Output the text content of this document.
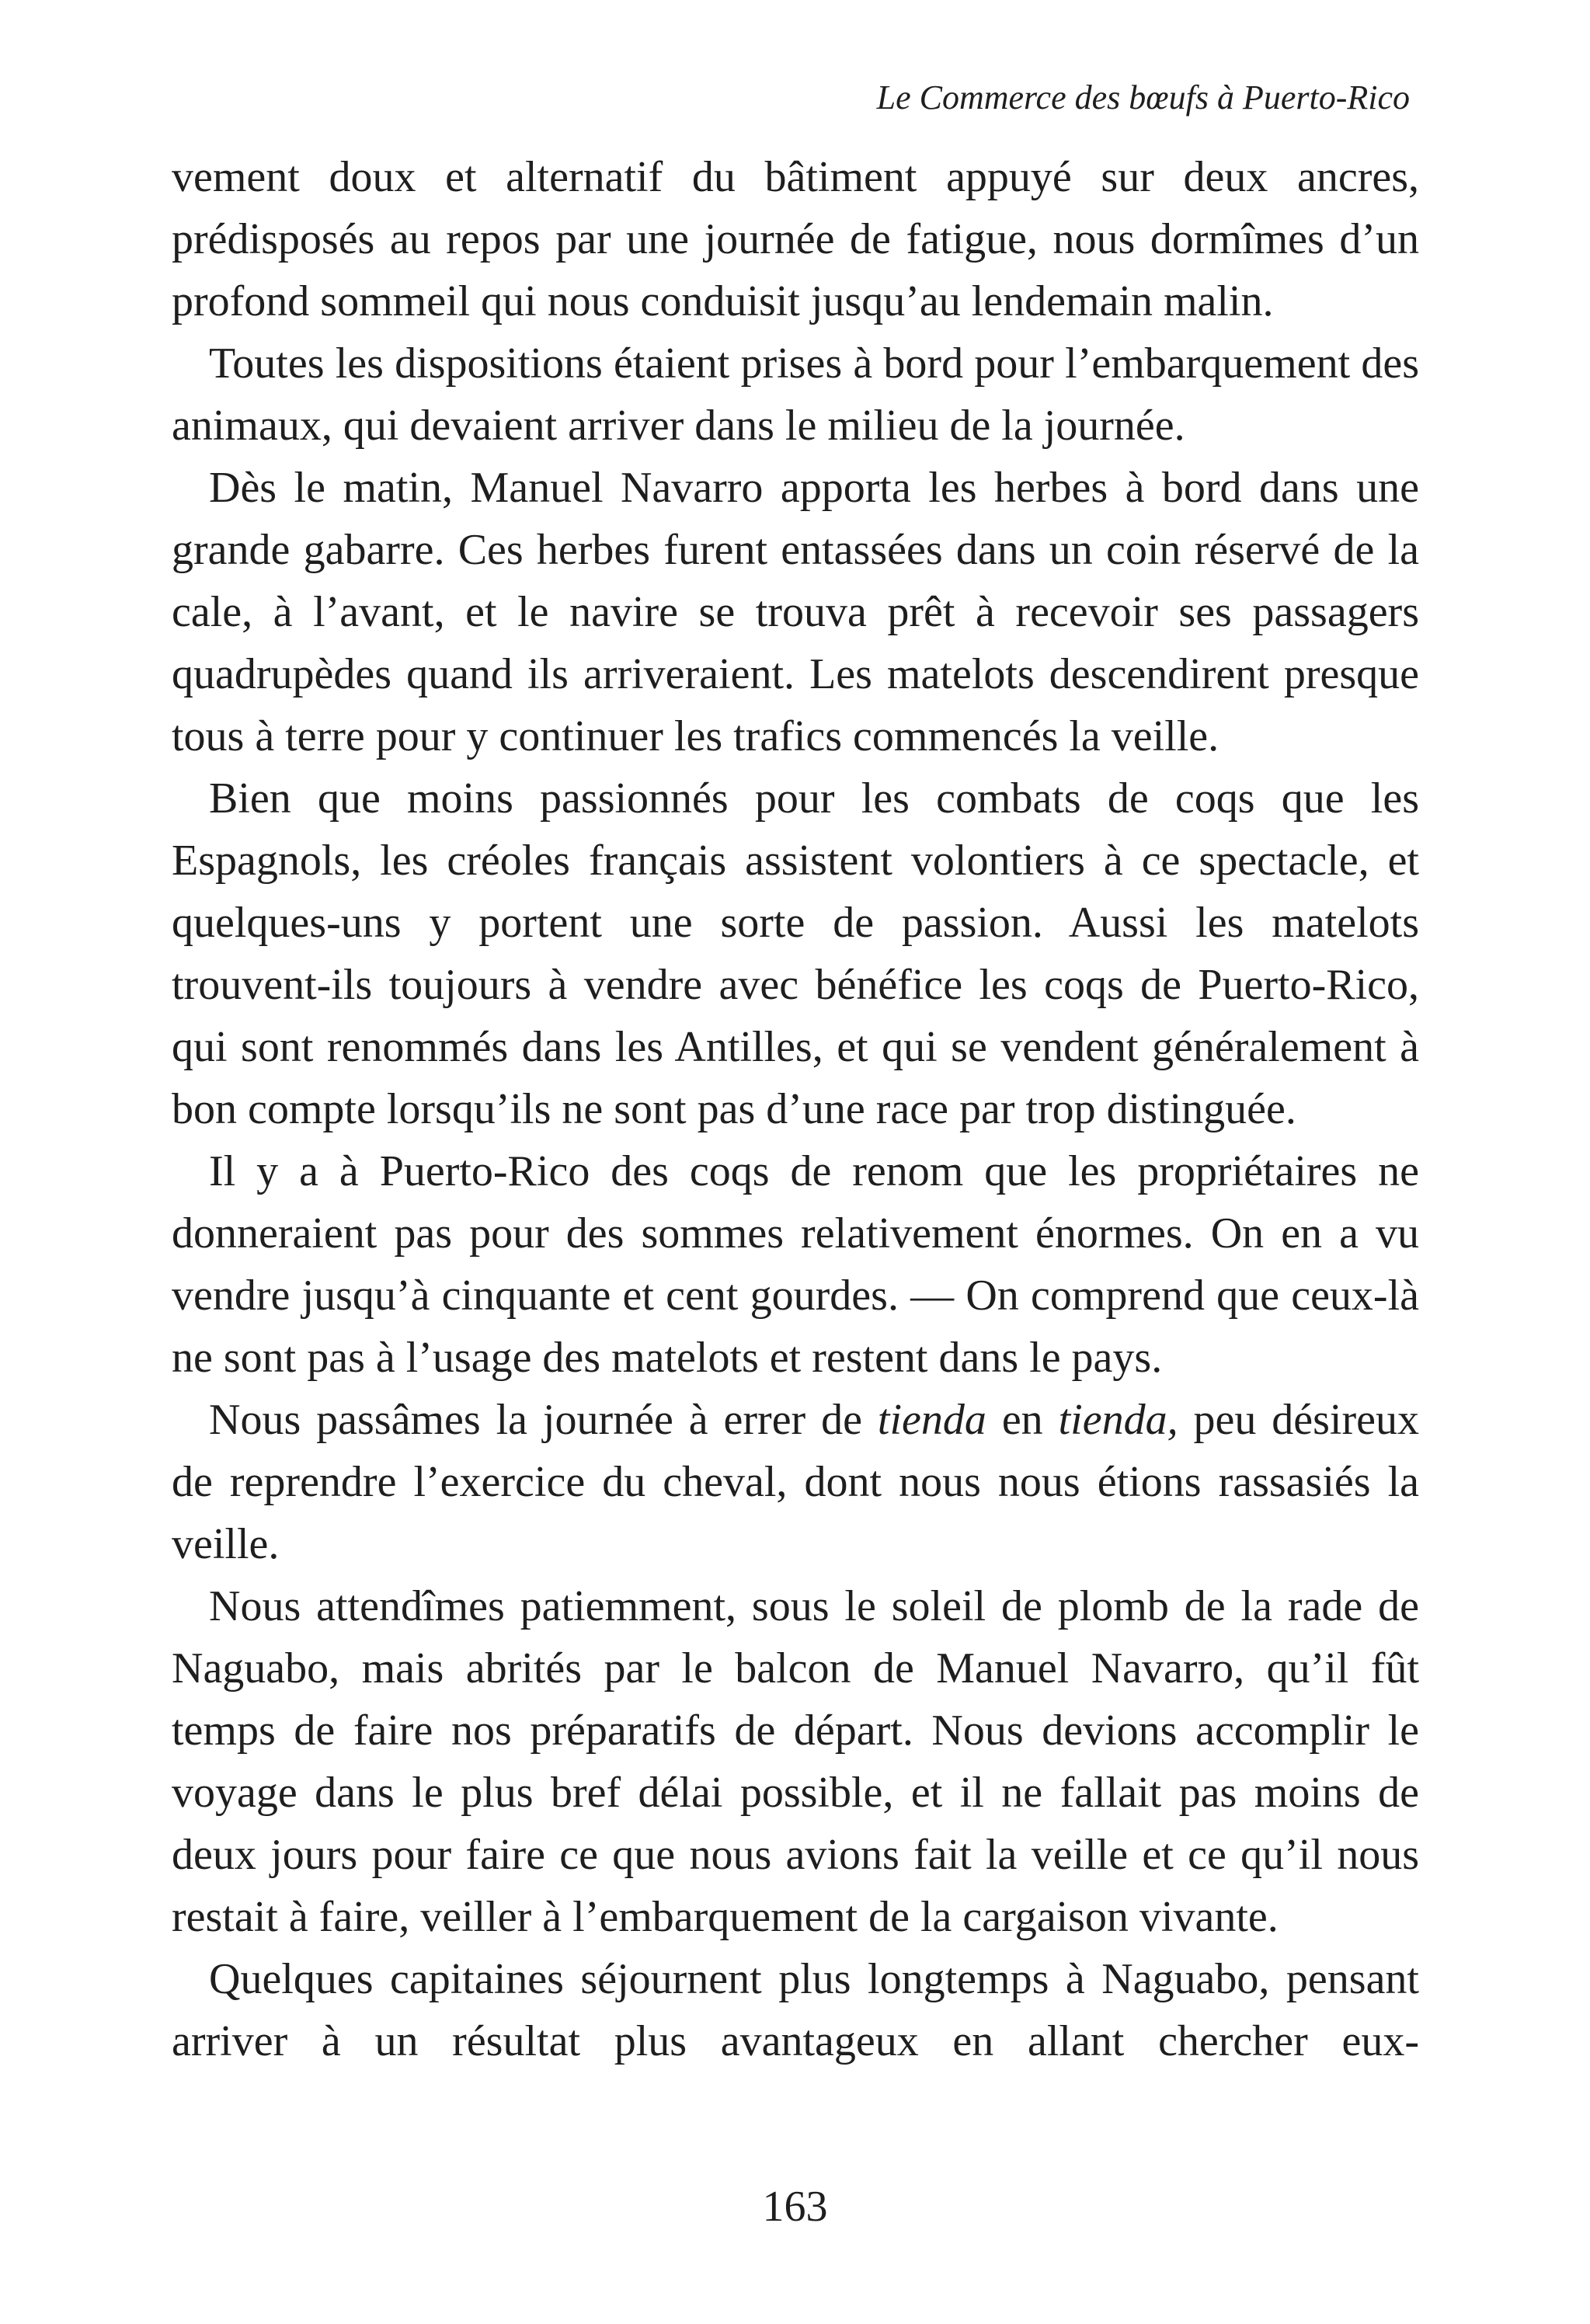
Le Commerce des bœufs à Puerto-Rico

vement doux et alternatif du bâtiment appuyé sur deux ancres, prédisposés au repos par une journée de fatigue, nous dormîmes d’un profond sommeil qui nous conduisit jusqu’au lendemain malin.

Toutes les dispositions étaient prises à bord pour l’embarquement des animaux, qui devaient arriver dans le milieu de la journée.

Dès le matin, Manuel Navarro apporta les herbes à bord dans une grande gabarre. Ces herbes furent entassées dans un coin réservé de la cale, à l’avant, et le navire se trouva prêt à recevoir ses passagers quadrupèdes quand ils arriveraient. Les matelots descendirent presque tous à terre pour y continuer les trafics commencés la veille.

Bien que moins passionnés pour les combats de coqs que les Espagnols, les créoles français assistent volontiers à ce spectacle, et quelques-uns y portent une sorte de passion. Aussi les matelots trouvent-ils toujours à vendre avec bénéfice les coqs de Puerto-Rico, qui sont renommés dans les Antilles, et qui se vendent généralement à bon compte lorsqu’ils ne sont pas d’une race par trop distinguée.

Il y a à Puerto-Rico des coqs de renom que les propriétaires ne donneraient pas pour des sommes relativement énormes. On en a vu vendre jusqu’à cinquante et cent gourdes. — On comprend que ceux-là ne sont pas à l’usage des matelots et restent dans le pays.

Nous passâmes la journée à errer de tienda en tienda, peu désireux de reprendre l’exercice du cheval, dont nous nous étions rassasiés la veille.

Nous attendîmes patiemment, sous le soleil de plomb de la rade de Naguabo, mais abrités par le balcon de Manuel Navarro, qu’il fût temps de faire nos préparatifs de départ. Nous devions accomplir le voyage dans le plus bref délai possible, et il ne fallait pas moins de deux jours pour faire ce que nous avions fait la veille et ce qu’il nous restait à faire, veiller à l’embarquement de la cargaison vivante.

Quelques capitaines séjournent plus longtemps à Naguabo, pensant arriver à un résultat plus avantageux en allant chercher eux-

163
